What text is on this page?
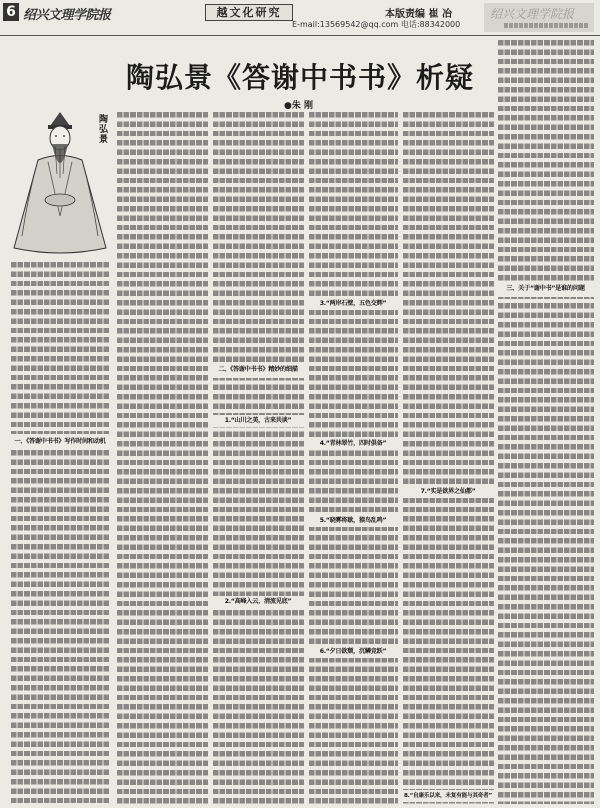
6 绍兴文理学院报	越文化研究	本版责编 崔 冶
E-mail:13569542@qq.com 电话:88342000
绍兴文理学院报
陶弘景《答谢中书书》析疑
●朱 刚
陶弘景
一、《答谢中书书》写作时间和动机
二、《答谢中书书》精妙的细描
1.“山川之美，古来共谈”
2.“高峰入云，清流见底”
3.“两岸石壁，五色交辉”
4.“青林翠竹，四时俱备”
5.“晓雾将歇，猿鸟乱鸣”
6.“夕日欲颓，沉鳞竞跃”
7.“实是欲界之仙都”
8.“自康乐以来，未复有能与其奇者”
三、关于“谢中书”是谁的问题
